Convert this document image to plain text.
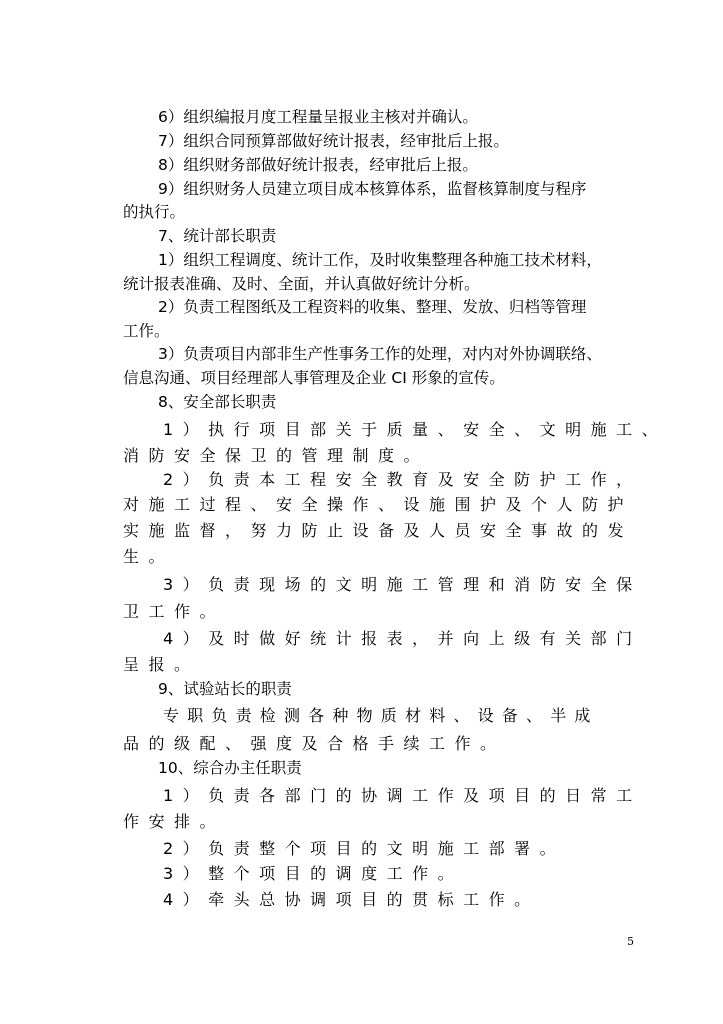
6）组织编报月度工程量呈报业主核对并确认。
7）组织合同预算部做好统计报表，经审批后上报。
8）组织财务部做好统计报表，经审批后上报。
9）组织财务人员建立项目成本核算体系，监督核算制度与程序
的执行。
7、统计部长职责
1）组织工程调度、统计工作，及时收集整理各种施工技术材料，
统计报表准确、及时、全面，并认真做好统计分析。
2）负责工程图纸及工程资料的收集、整理、发放、归档等管理
工作。
3）负责项目内部非生产性事务工作的处理，对内对外协调联络、
信息沟通、项目经理部人事管理及企业 CI 形象的宣传。
8、安全部长职责
1）执行项目部关于质量、安全、文明施工、
消防安全保卫的管理制度。
2）负责本工程安全教育及安全防护工作，
对施工过程、安全操作、设施围护及个人防护
实施监督，努力防止设备及人员安全事故的发
生。
3）负责现场的文明施工管理和消防安全保
卫工作。
4）及时做好统计报表，并向上级有关部门
呈报。
9、试验站长的职责
专职负责检测各种物质材料、设备、半成
品的级配、强度及合格手续工作。
10、综合办主任职责
1）负责各部门的协调工作及项目的日常工
作安排。
2）负责整个项目的文明施工部署。
3）整个项目的调度工作。
4）牵头总协调项目的贯标工作。
5
